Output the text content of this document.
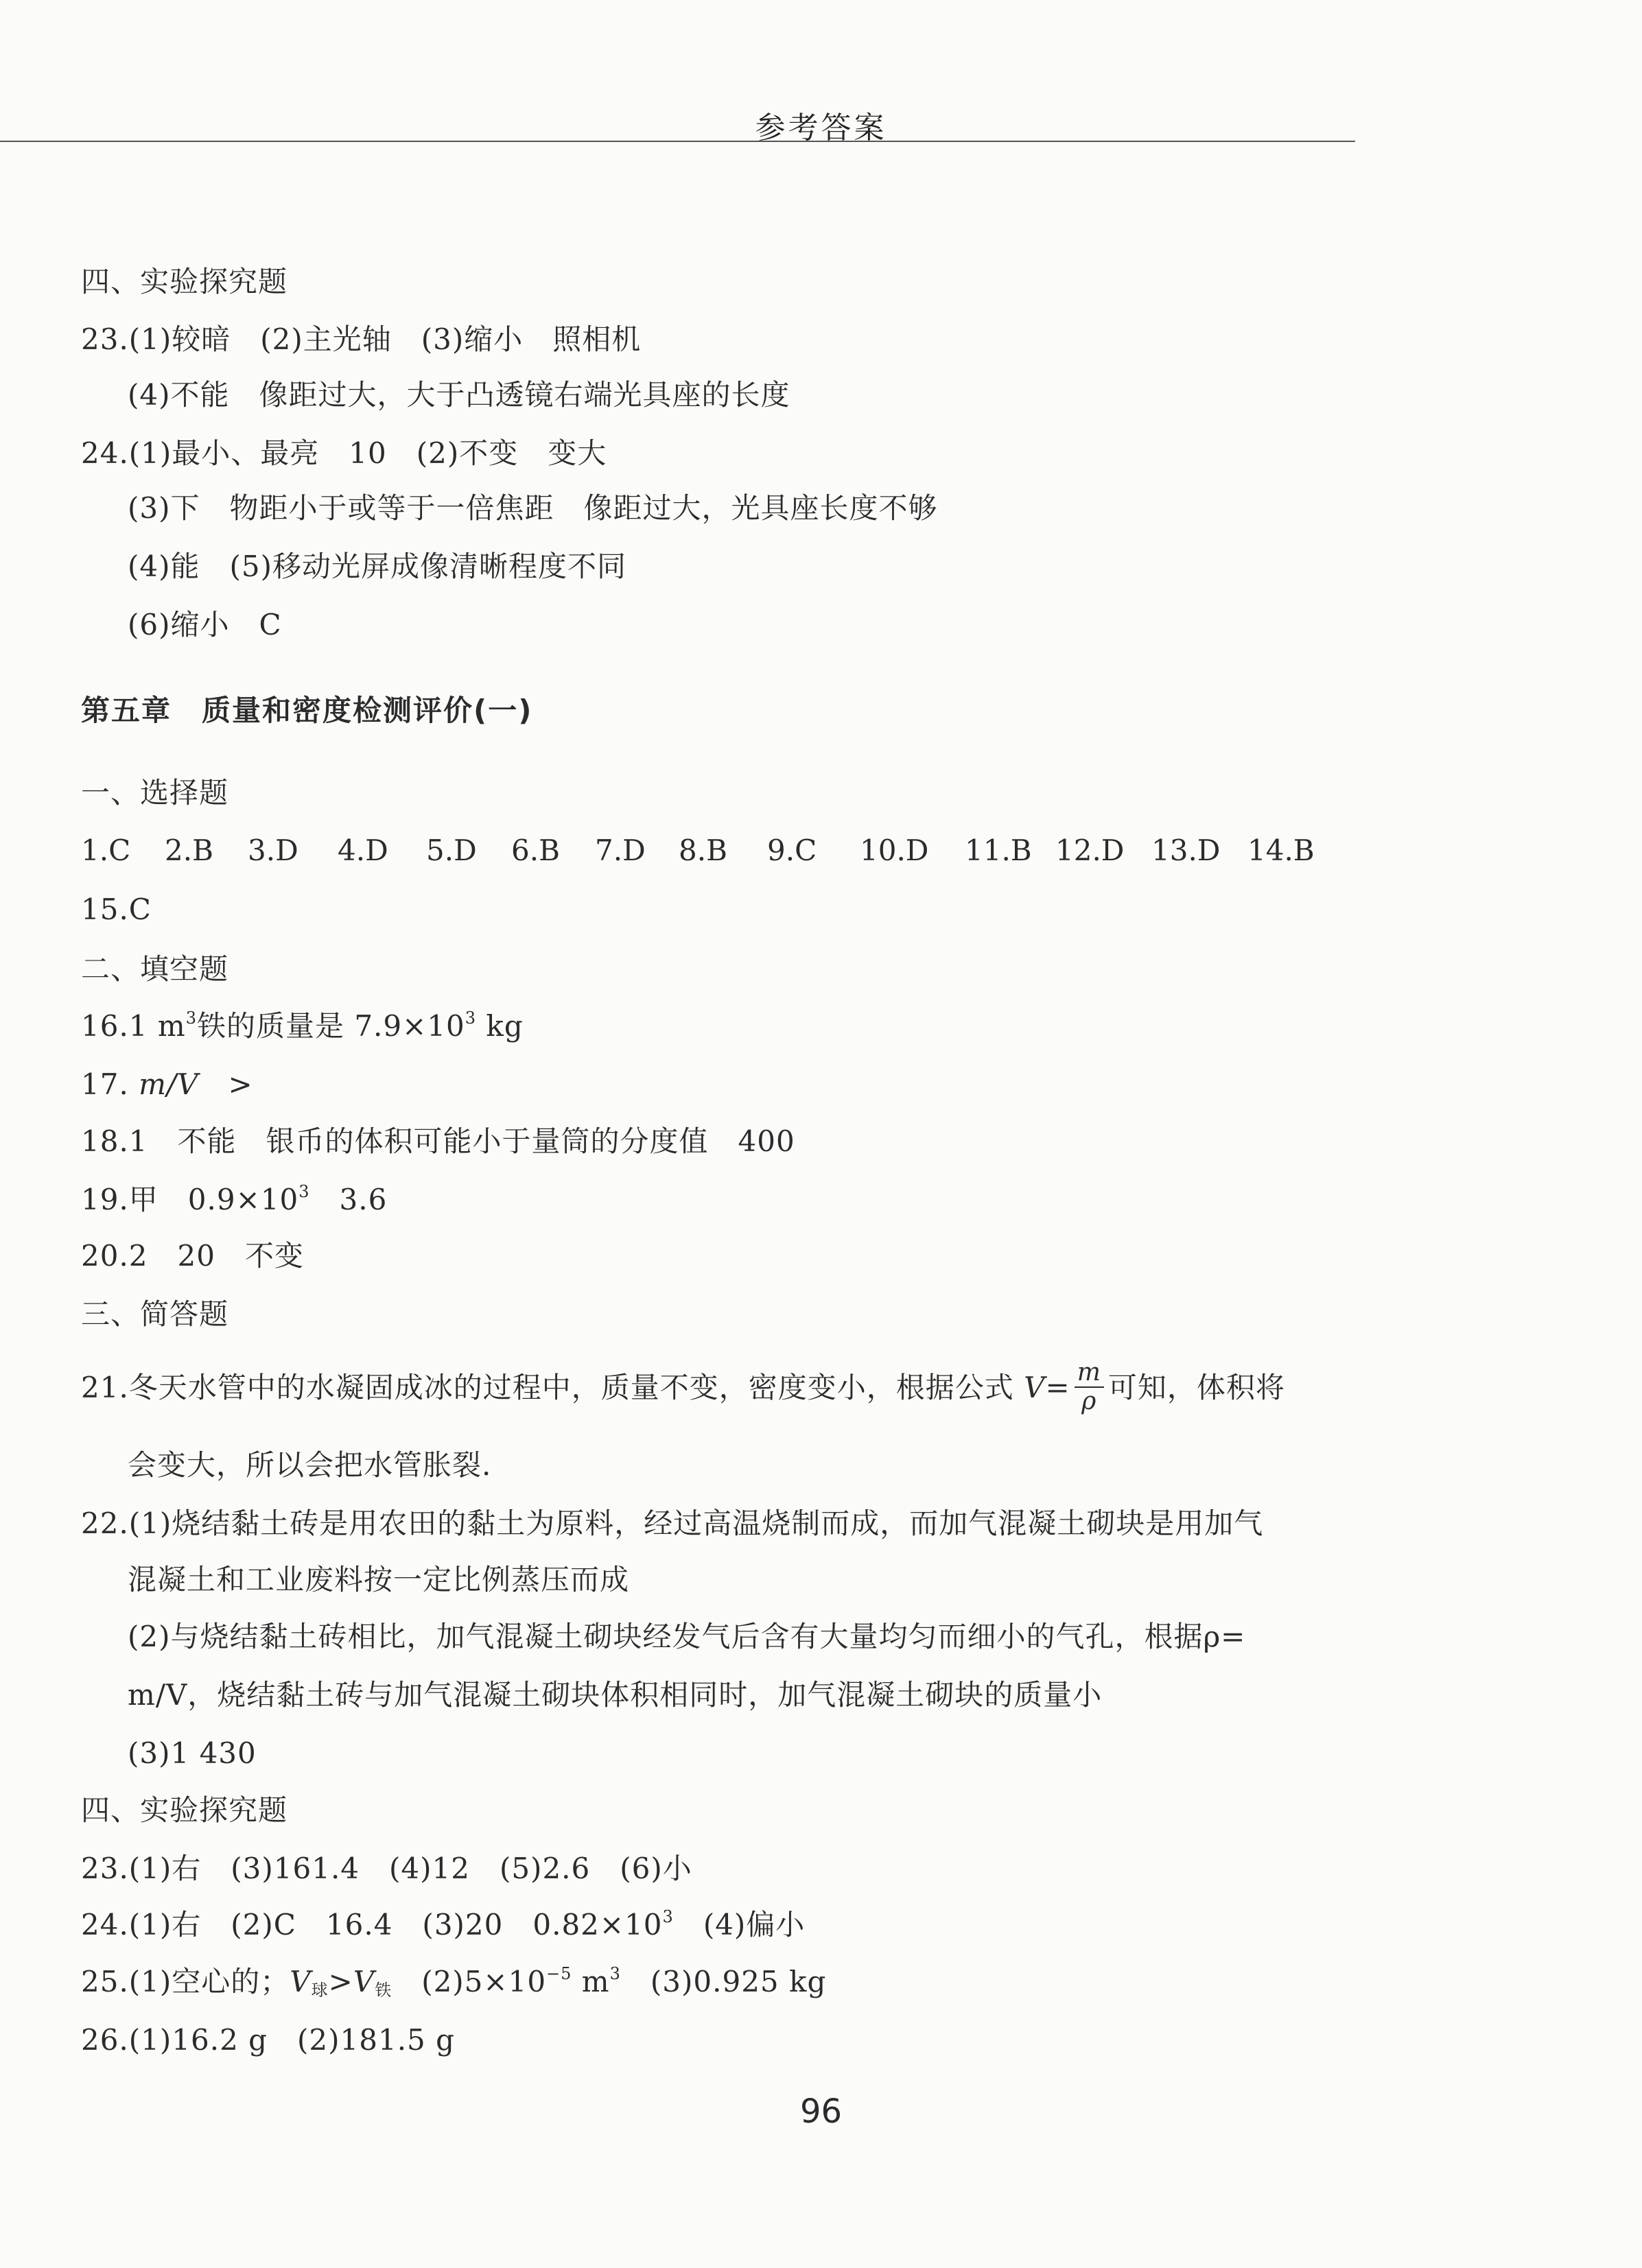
参考答案
四、实验探究题
23.(1)较暗　(2)主光轴　(3)缩小　照相机
(4)不能　像距过大，大于凸透镜右端光具座的长度
24.(1)最小、最亮　10　(2)不变　变大
(3)下　物距小于或等于一倍焦距　像距过大，光具座长度不够
(4)能　(5)移动光屏成像清晰程度不同
(6)缩小　C
第五章　质量和密度检测评价(一)
一、选择题
1.C 2.B 3.D 4.D 5.D 6.B 7.D 8.B 9.C 10.D 11.B 12.D 13.D 14.B
15.C
二、填空题
16.1 $m^3$铁的质量是 $7.9\times 10^3$ kg
17. m/V　>
18.1　不能　银币的体积可能小于量筒的分度值　400
19.甲　$0.9\times 10^3$　3.6
20.2　20　不变
三、简答题
21.冬天水管中的水凝固成冰的过程中，质量不变，密度变小，根据公式 $V= \frac{m}{\rho}$ 可知，体积将
会变大，所以会把水管胀裂.
22.(1)烧结黏土砖是用农田的黏土为原料，经过高温烧制而成，而加气混凝土砌块是用加气
混凝土和工业废料按一定比例蒸压而成
(2)与烧结黏土砖相比，加气混凝土砌块经发气后含有大量均匀而细小的气孔，根据ρ=
m/V，烧结黏土砖与加气混凝土砌块体积相同时，加气混凝土砌块的质量小
(3)1 430
四、实验探究题
23.(1)右　(3)161.4　(4)12　(5)2.6　(6)小
24.(1)右　(2)C　16.4　(3)20　$0.82\times 10^3$　(4)偏小
25.(1)空心的；$V_球>V_铁$　$(2)5\times 10^{-5}$ $m^3$　(3)0.925 kg
26.(1)16.2 g　(2)181.5 g
96
